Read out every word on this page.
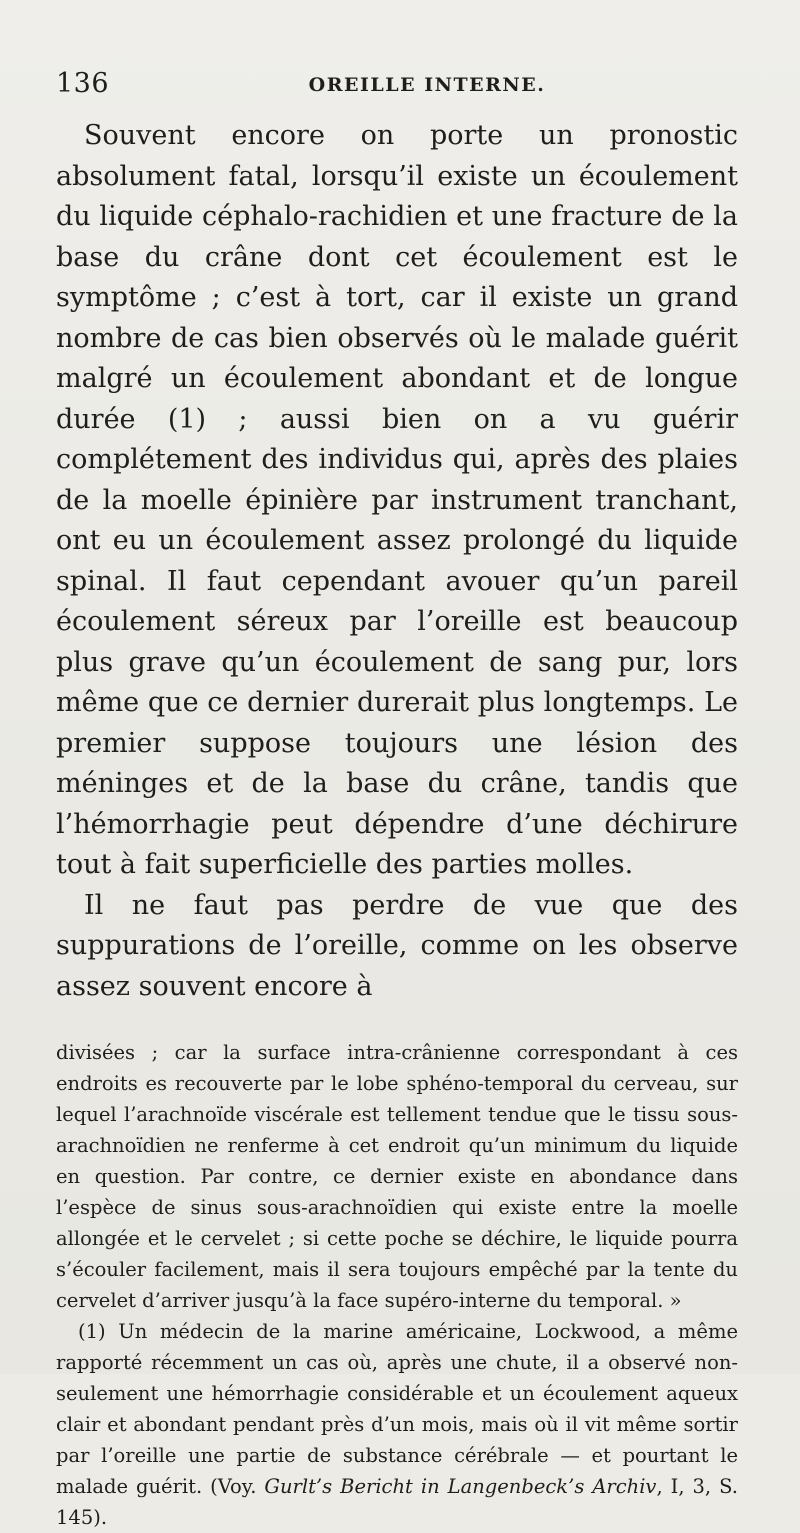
136	OREILLE INTERNE.

Souvent encore on porte un pronostic absolument fatal, lorsqu’il existe un écoulement du liquide céphalo-rachidien et une fracture de la base du crâne dont cet écoulement est le symptôme ; c’est à tort, car il existe un grand nombre de cas bien observés où le malade guérit malgré un écoulement abondant et de longue durée (1) ; aussi bien on a vu guérir complétement des individus qui, après des plaies de la moelle épinière par instrument tranchant, ont eu un écoulement assez prolongé du liquide spinal. Il faut cependant avouer qu’un pareil écoulement séreux par l’oreille est beaucoup plus grave qu’un écoulement de sang pur, lors même que ce dernier durerait plus longtemps. Le premier suppose toujours une lésion des méninges et de la base du crâne, tandis que l’hémorrhagie peut dépendre d’une déchirure tout à fait superficielle des parties molles.

Il ne faut pas perdre de vue que des suppurations de l’oreille, comme on les observe assez souvent encore à

divisées ; car la surface intra-crânienne correspondant à ces endroits es recouverte par le lobe sphéno-temporal du cerveau, sur lequel l’arachnoïde viscérale est tellement tendue que le tissu sous-arachnoïdien ne renferme à cet endroit qu’un minimum du liquide en question. Par contre, ce dernier existe en abondance dans l’espèce de sinus sous-arachnoïdien qui existe entre la moelle allongée et le cervelet ; si cette poche se déchire, le liquide pourra s’écouler facilement, mais il sera toujours empêché par la tente du cervelet d’arriver jusqu’à la face supéro-interne du temporal. »

(1) Un médecin de la marine américaine, Lockwood, a même rapporté récemment un cas où, après une chute, il a observé non-seulement une hémorrhagie considérable et un écoulement aqueux clair et abondant pendant près d’un mois, mais où il vit même sortir par l’oreille une partie de substance cérébrale — et pourtant le malade guérit. (Voy. Gurlt’s Bericht in Langenbeck’s Archiv, I, 3, S. 145).
